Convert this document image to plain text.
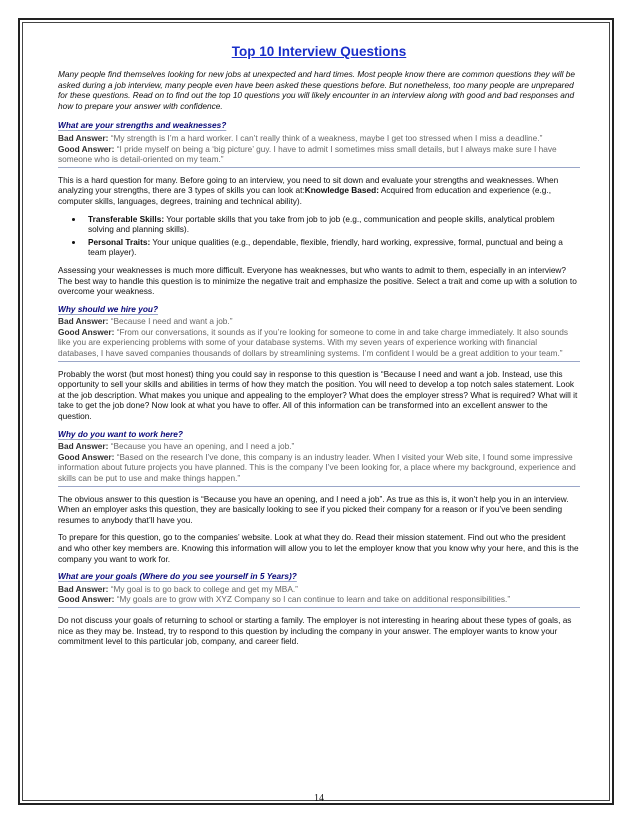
Top 10 Interview Questions
Many people find themselves looking for new jobs at unexpected and hard times. Most people know there are common questions they will be asked during a job interview, many people even have been asked these questions before. But nonetheless, too many people are unprepared for these questions. Read on to find out the top 10 questions you will likely encounter in an interview along with good and bad responses and how to prepare your answer with confidence.
What are your strengths and weaknesses?
Bad Answer: “My strength is I’m a hard worker. I can’t really think of a weakness, maybe I get too stressed when I miss a deadline.”
Good Answer: “I pride myself on being a ‘big picture’ guy. I have to admit I sometimes miss small details, but I always make sure I have someone who is detail-oriented on my team.”
This is a hard question for many. Before going to an interview, you need to sit down and evaluate your strengths and weaknesses. When analyzing your strengths, there are 3 types of skills you can look at:Knowledge Based: Acquired from education and experience (e.g., computer skills, languages, degrees, training and technical ability).
• Transferable Skills: Your portable skills that you take from job to job (e.g., communication and people skills, analytical problem solving and planning skills).
• Personal Traits: Your unique qualities (e.g., dependable, flexible, friendly, hard working, expressive, formal, punctual and being a team player).
Assessing your weaknesses is much more difficult. Everyone has weaknesses, but who wants to admit to them, especially in an interview? The best way to handle this question is to minimize the negative trait and emphasize the positive. Select a trait and come up with a solution to overcome your weakness.
Why should we hire you?
Bad Answer: “Because I need and want a job.”
Good Answer: “From our conversations, it sounds as if you’re looking for someone to come in and take charge immediately. It also sounds like you are experiencing problems with some of your database systems. With my seven years of experience working with financial databases, I have saved companies thousands of dollars by streamlining systems. I’m confident I would be a great addition to your team.”
Probably the worst (but most honest) thing you could say in response to this question is “Because I need and want a job. Instead, use this opportunity to sell your skills and abilities in terms of how they match the position. You will need to develop a top notch sales statement. Look at the job description. What makes you unique and appealing to the employer? What does the employer stress? What is required? What will it take to get the job done? Now look at what you have to offer. All of this information can be transformed into an excellent answer to the question.
Why do you want to work here?
Bad Answer: “Because you have an opening, and I need a job.”
Good Answer: “Based on the research I’ve done, this company is an industry leader. When I visited your Web site, I found some impressive information about future projects you have planned. This is the company I’ve been looking for, a place where my background, experience and skills can be put to use and make things happen.”
The obvious answer to this question is “Because you have an opening, and I need a job”. As true as this is, it won’t help you in an interview. When an employer asks this question, they are basically looking to see if you picked their company for a reason or if you’ve been sending resumes to anybody that’ll have you.
To prepare for this question, go to the companies’ website. Look at what they do. Read their mission statement. Find out who the president and who other key members are. Knowing this information will allow you to let the employer know that you know why your here, and this is the company you want to work for.
What are your goals (Where do you see yourself in 5 Years)?
Bad Answer: “My goal is to go back to college and get my MBA.”
Good Answer: “My goals are to grow with XYZ Company so I can continue to learn and take on additional responsibilities.”
Do not discuss your goals of returning to school or starting a family. The employer is not interesting in hearing about these types of goals, as nice as they may be. Instead, try to respond to this question by including the company in your answer. The employer wants to know your commitment level to this particular job, company, and career field.
14
